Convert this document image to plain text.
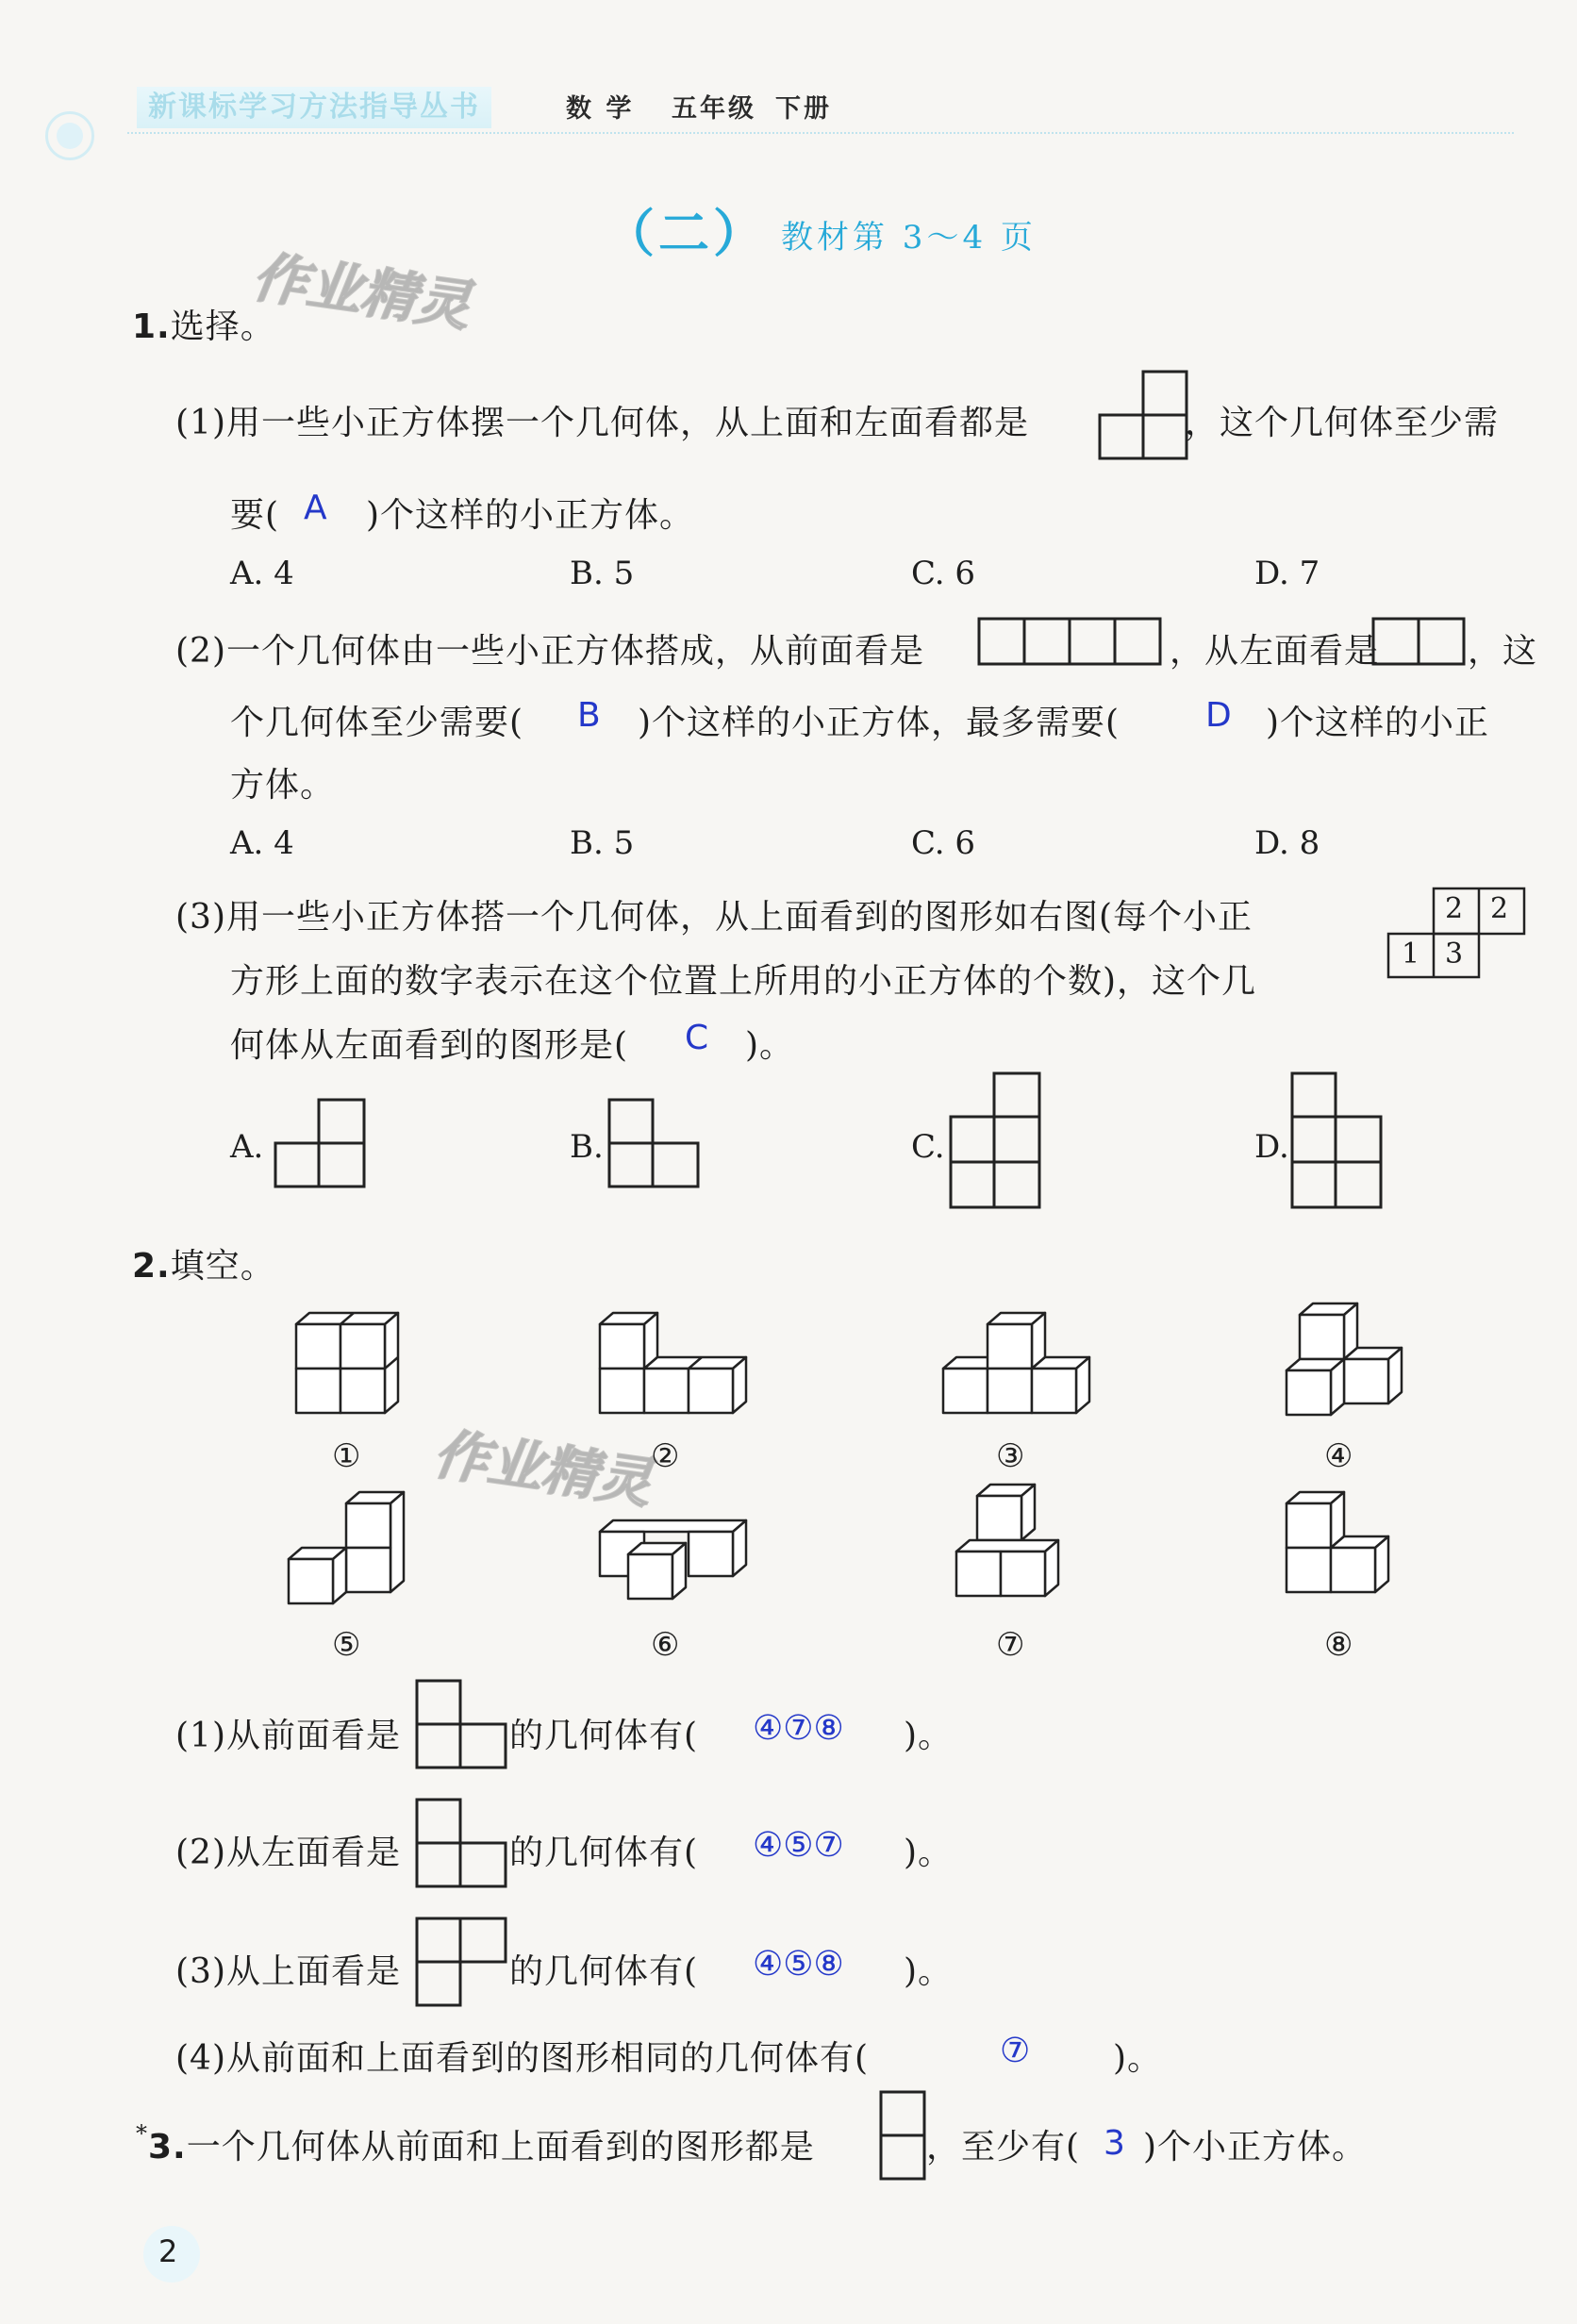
新课标学习方法指导丛书	数 学 五年级 下册
（二） 教材第 3～4 页
作业精灵
作业精灵
1.选择。
(1)用一些小正方体摆一个几何体，从上面和左面看都是	，这个几何体至少需
要( A )个这样的小正方体。
A. 4	B. 5	C. 6	D. 7
(2)一个几何体由一些小正方体搭成，从前面看是	，从左面看是	，这
个几何体至少需要( B )个这样的小正方体，最多需要(	D )个这样的小正
方体。
A. 4	B. 5	C. 6	D. 8
(3)用一些小正方体搭一个几何体，从上面看到的图形如右图(每个小正
方形上面的数字表示在这个位置上所用的小正方体的个数)，这个几
何体从左面看到的图形是( C )。
2 2
1 3
A.	B.	C.	D.
2.填空。
①	②	③	④
⑤	⑥	⑦	⑧
(1)从前面看是	的几何体有( ④⑦⑧ )。
(2)从左面看是	的几何体有( ④⑤⑦ )。
(3)从上面看是	的几何体有( ④⑤⑧ )。
(4)从前面和上面看到的图形相同的几何体有(	⑦ )。
*3.一个几何体从前面和上面看到的图形都是	，至少有( 3 )个小正方体。
2
